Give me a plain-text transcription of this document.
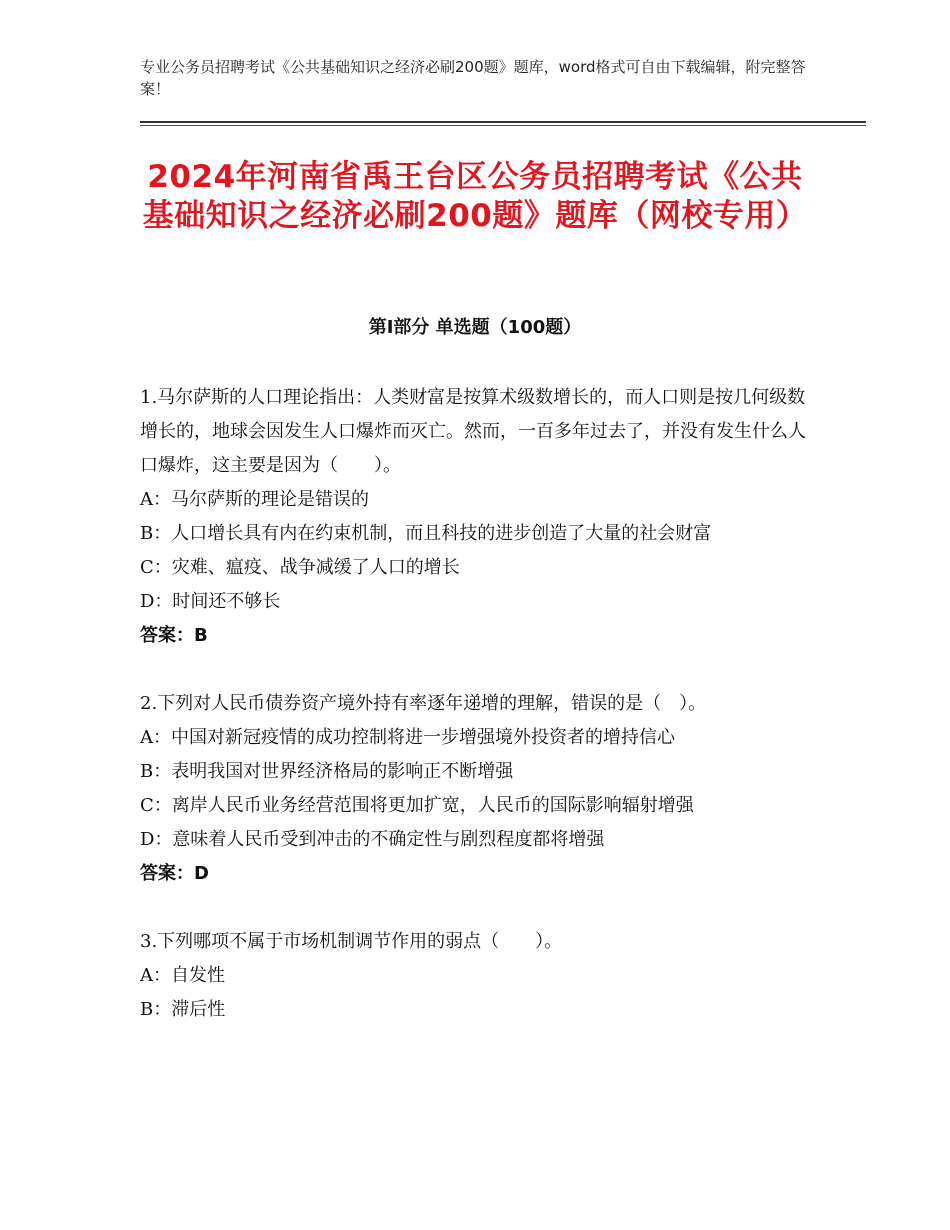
专业公务员招聘考试《公共基础知识之经济必刷200题》题库，word格式可自由下载编辑，附完整答案！
2024年河南省禹王台区公务员招聘考试《公共基础知识之经济必刷200题》题库（网校专用）
第Ⅰ部分 单选题（100题）

1.马尔萨斯的人口理论指出：人类财富是按算术级数增长的，而人口则是按几何级数增长的，地球会因发生人口爆炸而灭亡。然而，一百多年过去了，并没有发生什么人口爆炸，这主要是因为（　　）。

A：马尔萨斯的理论是错误的

B：人口增长具有内在约束机制，而且科技的进步创造了大量的社会财富

C：灾难、瘟疫、战争减缓了人口的增长

D：时间还不够长

答案：B

2.下列对人民币债券资产境外持有率逐年递增的理解，错误的是（　）。

A：中国对新冠疫情的成功控制将进一步增强境外投资者的增持信心

B：表明我国对世界经济格局的影响正不断增强

C：离岸人民币业务经营范围将更加扩宽，人民币的国际影响辐射增强

D：意味着人民币受到冲击的不确定性与剧烈程度都将增强

答案：D

3.下列哪项不属于市场机制调节作用的弱点（　　）。

A：自发性

B：滞后性
